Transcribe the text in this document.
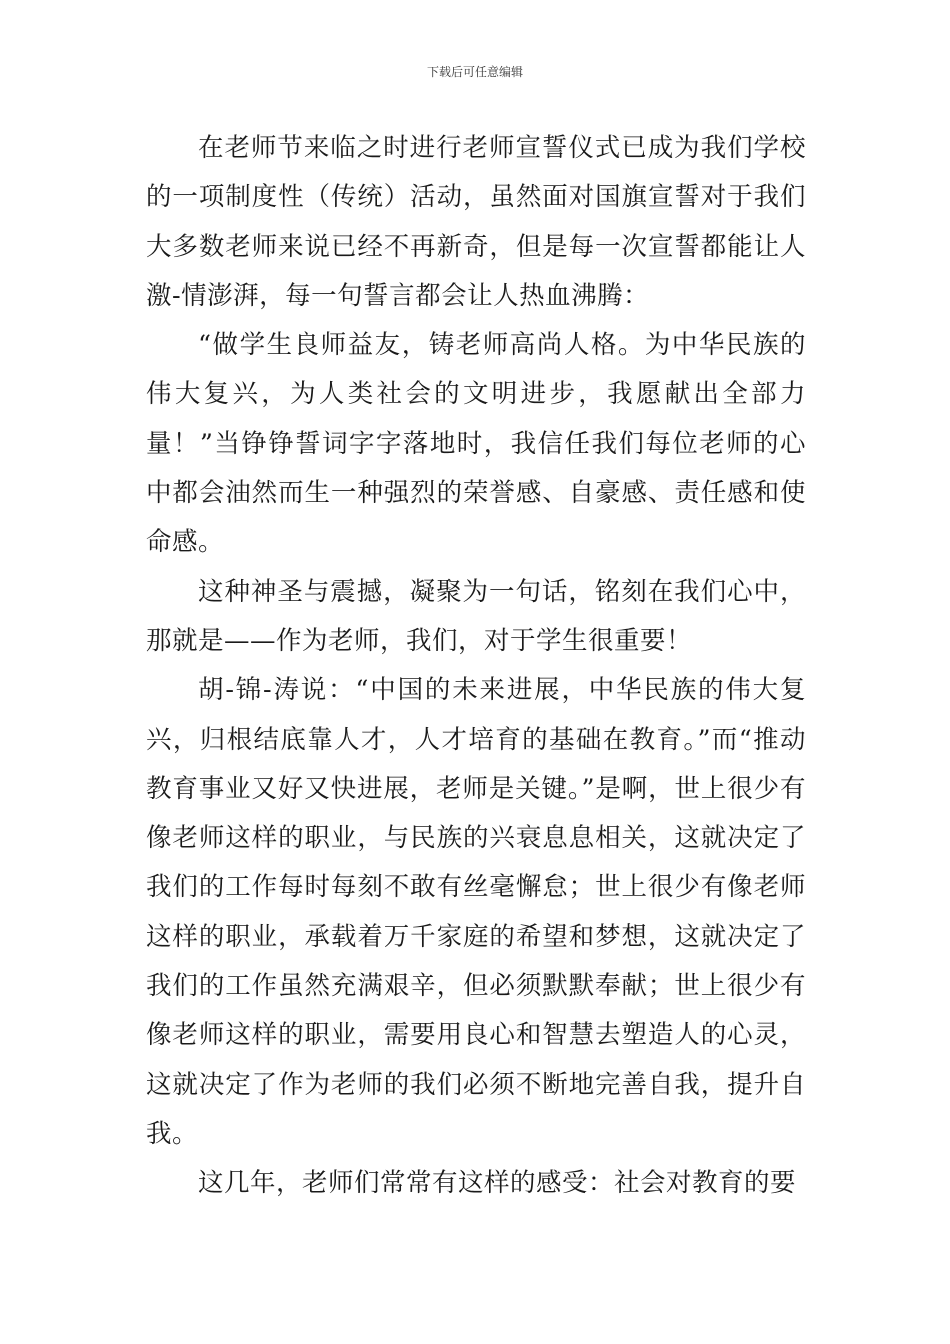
下载后可任意编辑

在老师节来临之时进行老师宣誓仪式已成为我们学校的一项制度性（传统）活动，虽然面对国旗宣誓对于我们大多数老师来说已经不再新奇，但是每一次宣誓都能让人激-情澎湃，每一句誓言都会让人热血沸腾：

“做学生良师益友，铸老师高尚人格。为中华民族的伟大复兴，为人类社会的文明进步，我愿献出全部力量！”当铮铮誓词字字落地时，我信任我们每位老师的心中都会油然而生一种强烈的荣誉感、自豪感、责任感和使命感。

这种神圣与震撼，凝聚为一句话，铭刻在我们心中，那就是——作为老师，我们，对于学生很重要！

胡-锦-涛说：“中国的未来进展，中华民族的伟大复兴，归根结底靠人才，人才培育的基础在教育。”而“推动教育事业又好又快进展，老师是关键。”是啊，世上很少有像老师这样的职业，与民族的兴衰息息相关，这就决定了我们的工作每时每刻不敢有丝毫懈怠；世上很少有像老师这样的职业，承载着万千家庭的希望和梦想，这就决定了我们的工作虽然充满艰辛，但必须默默奉献；世上很少有像老师这样的职业，需要用良心和智慧去塑造人的心灵，这就决定了作为老师的我们必须不断地完善自我，提升自我。

这几年，老师们常常有这样的感受：社会对教育的要
